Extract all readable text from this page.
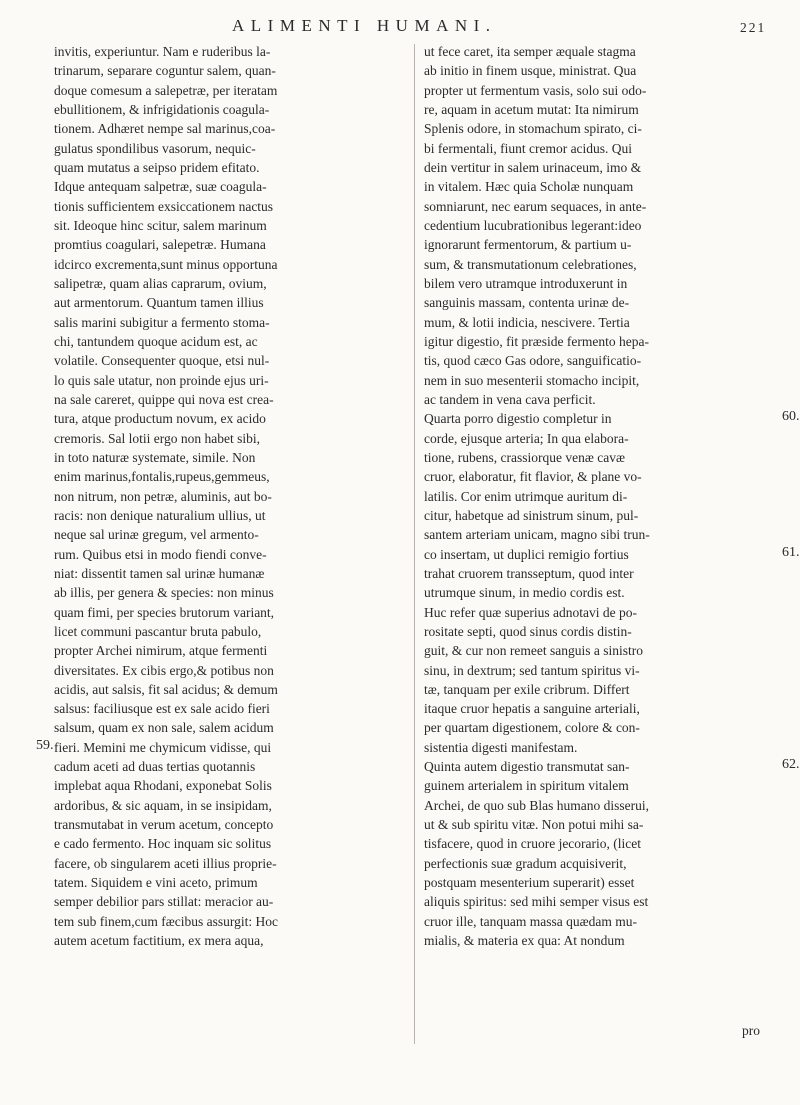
ALIMENTI HUMANI.	221
invitis, experiuntur. Nam e ruderibus la-
trinarum, separare coguntur salem, quan-
doque comesum a salepetræ, per iteratam
ebullitionem, & infrigidationis coagula-
tionem. Adhæret nempe sal marinus,coa-
gulatus spondilibus vasorum, nequic-
quam mutatus a seipso pridem efitato.
Idque antequam salpetræ, suæ coagula-
tionis sufficientem exsiccationem nactus
sit. Ideoque hinc scitur, salem marinum
promtius coagulari, salepetræ. Humana
idcirco excrementa,sunt minus opportuna
salipetræ, quam alias caprarum, ovium,
aut armentorum. Quantum tamen illius
salis marini subigitur a fermento stoma-
chi, tantundem quoque acidum est, ac
volatile. Consequenter quoque, etsi nul-
lo quis sale utatur, non proinde ejus uri-
na sale careret, quippe qui nova est crea-
tura, atque productum novum, ex acido
cremoris. Sal lotii ergo non habet sibi,
in toto naturæ systemate, simile. Non
enim marinus,fontalis,rupeus,gemmeus,
non nitrum, non petræ, aluminis, aut bo-
racis: non denique naturalium ullius, ut
neque sal urinæ gregum, vel armento-
rum. Quibus etsi in modo fiendi conve-
niat: dissentit tamen sal urinæ humanæ
ab illis, per genera & species: non minus
quam fimi, per species brutorum variant,
licet communi pascantur bruta pabulo,
propter Archei nimirum, atque fermenti
diversitates. Ex cibis ergo,& potibus non
acidis, aut salsis, fit sal acidus; & demum
salsus: faciliusque est ex sale acido fieri
salsum, quam ex non sale, salem acidum
fieri. Memini me chymicum vidisse, qui
cadum aceti ad duas tertias quotannis
implebat aqua Rhodani, exponebat Solis
ardoribus, & sic aquam, in se insipidam,
transmutabat in verum acetum, concepto
e cado fermento. Hoc inquam sic solitus
facere, ob singularem aceti illius proprie-
tatem. Siquidem e vini aceto, primum
semper debilior pars stillat: meracior au-
tem sub finem,cum fæcibus assurgit: Hoc
autem acetum factitium, ex mera aqua,
ut fece caret, ita semper æquale stagma
ab initio in finem usque, ministrat. Qua
propter ut fermentum vasis, solo sui odo-
re, aquam in acetum mutat: Ita nimirum
Splenis odore, in stomachum spirato, ci-
bi fermentali, fiunt cremor acidus. Qui
dein vertitur in salem urinaceum, imo &
in vitalem. Hæc quia Scholæ nunquam
somniarunt, nec earum sequaces, in ante-
cedentium lucubrationibus legerant:ideo
ignorarunt fermentorum, & partium u-
sum, & transmutationum celebrationes,
bilem vero utramque introduxerunt in
sanguinis massam, contenta urinæ de-
mum, & lotii indicia, nescivere. Tertia
igitur digestio, fit præside fermento hepa-
tis, quod cæco Gas odore, sanguificatio-
nem in suo mesenterii stomacho incipit,
ac tandem in vena cava perficit.
Quarta porro digestio completur in
corde, ejusque arteria; In qua elabora-
tione, rubens, crassiorque venæ cavæ
cruor, elaboratur, fit flavior, & plane vo-
latilis. Cor enim utrimque auritum di-
citur, habetque ad sinistrum sinum, pul-
santem arteriam unicam, magno sibi trun-
co insertam, ut duplici remigio fortius
trahat cruorem transseptum, quod inter
utrumque sinum, in medio cordis est.
Huc refer quæ superius adnotavi de po-
rositate septi, quod sinus cordis distin-
guit, & cur non remeet sanguis a sinistro
sinu, in dextrum; sed tantum spiritus vi-
tæ, tanquam per exile cribrum. Differt
itaque cruor hepatis a sanguine arteriali,
per quartam digestionem, colore & con-
sistentia digesti manifestam.
Quinta autem digestio transmutat san-
guinem arterialem in spiritum vitalem
Archei, de quo sub Blas humano disserui,
ut & sub spiritu vitæ. Non potui mihi sa-
tisfacere, quod in cruore jecorario, (licet
perfectionis suæ gradum acquisiverit,
postquam mesenterium superarit) esset
aliquis spiritus: sed mihi semper visus est
cruor ille, tanquam massa quædam mu-
mialis, & materia ex qua: At nondum
59.
60.
61.
62.
pro
